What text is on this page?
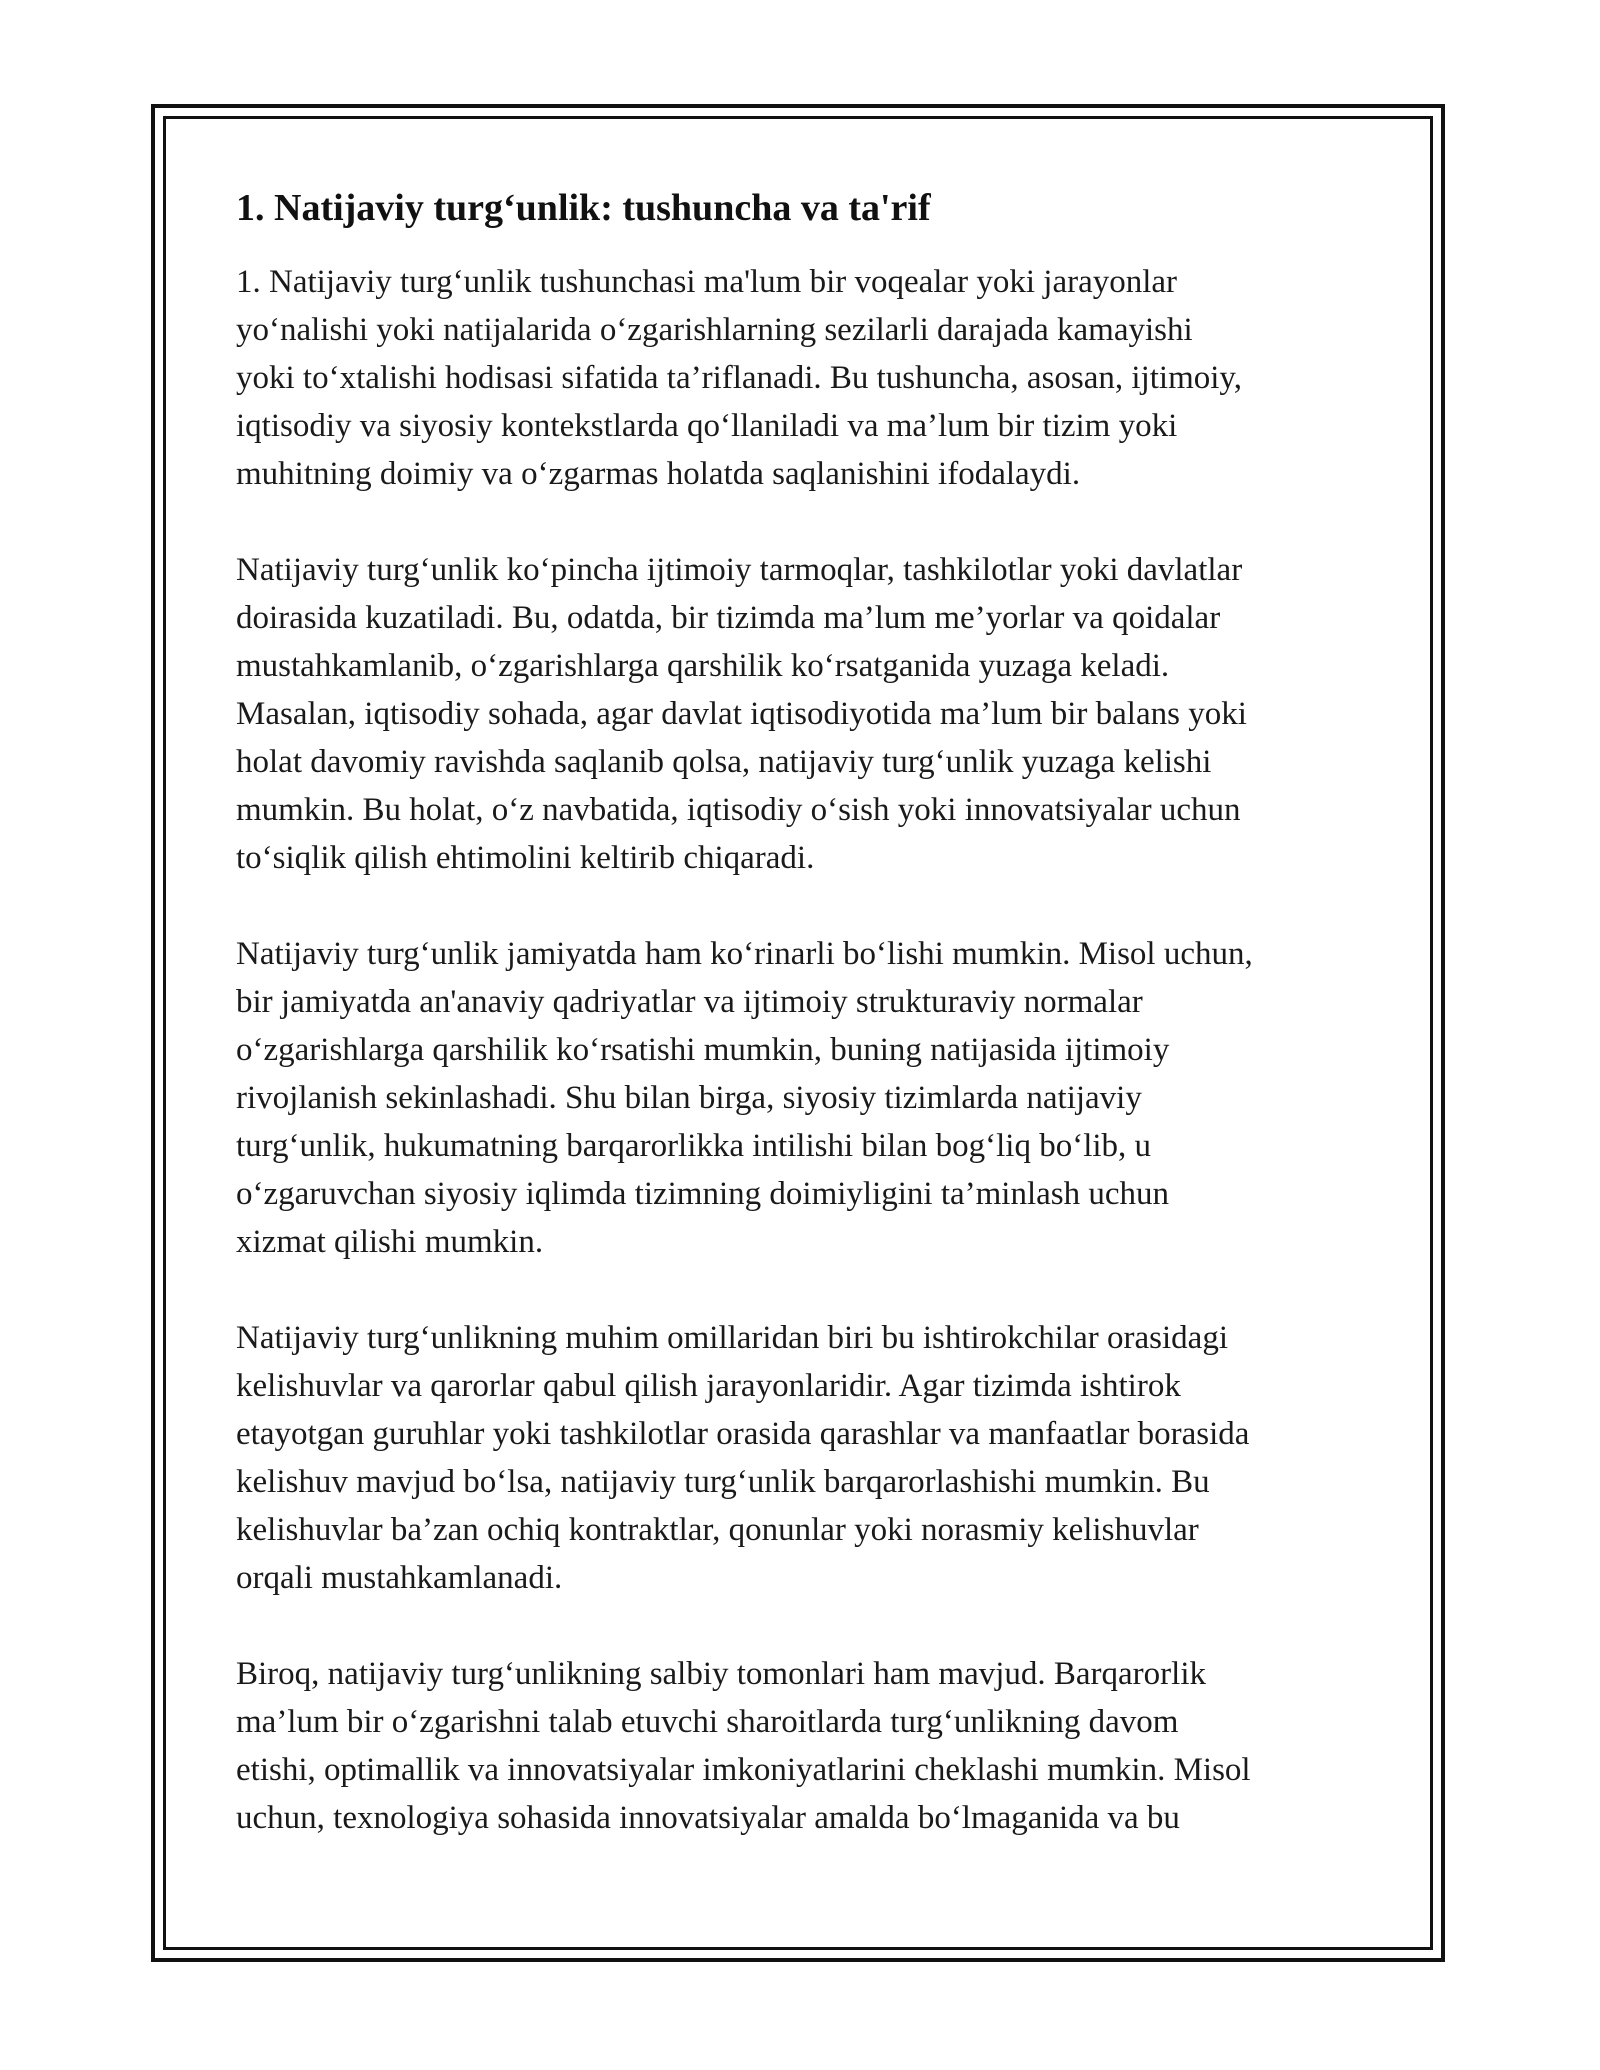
1. Natijaviy turg‘unlik: tushuncha va ta'rif

1. Natijaviy turg‘unlik tushunchasi ma'lum bir voqealar yoki jarayonlar
yo‘nalishi yoki natijalarida o‘zgarishlarning sezilarli darajada kamayishi
yoki to‘xtalishi hodisasi sifatida ta’riflanadi. Bu tushuncha, asosan, ijtimoiy,
iqtisodiy va siyosiy kontekstlarda qo‘llaniladi va ma’lum bir tizim yoki
muhitning doimiy va o‘zgarmas holatda saqlanishini ifodalaydi.

Natijaviy turg‘unlik ko‘pincha ijtimoiy tarmoqlar, tashkilotlar yoki davlatlar
doirasida kuzatiladi. Bu, odatda, bir tizimda ma’lum me’yorlar va qoidalar
mustahkamlanib, o‘zgarishlarga qarshilik ko‘rsatganida yuzaga keladi.
Masalan, iqtisodiy sohada, agar davlat iqtisodiyotida ma’lum bir balans yoki
holat davomiy ravishda saqlanib qolsa, natijaviy turg‘unlik yuzaga kelishi
mumkin. Bu holat, o‘z navbatida, iqtisodiy o‘sish yoki innovatsiyalar uchun
to‘siqlik qilish ehtimolini keltirib chiqaradi.

Natijaviy turg‘unlik jamiyatda ham ko‘rinarli bo‘lishi mumkin. Misol uchun,
bir jamiyatda an'anaviy qadriyatlar va ijtimoiy strukturaviy normalar
o‘zgarishlarga qarshilik ko‘rsatishi mumkin, buning natijasida ijtimoiy
rivojlanish sekinlashadi. Shu bilan birga, siyosiy tizimlarda natijaviy
turg‘unlik, hukumatning barqarorlikka intilishi bilan bog‘liq bo‘lib, u
o‘zgaruvchan siyosiy iqlimda tizimning doimiyligini ta’minlash uchun
xizmat qilishi mumkin.

Natijaviy turg‘unlikning muhim omillaridan biri bu ishtirokchilar orasidagi
kelishuvlar va qarorlar qabul qilish jarayonlaridir. Agar tizimda ishtirok
etayotgan guruhlar yoki tashkilotlar orasida qarashlar va manfaatlar borasida
kelishuv mavjud bo‘lsa, natijaviy turg‘unlik barqarorlashishi mumkin. Bu
kelishuvlar ba’zan ochiq kontraktlar, qonunlar yoki norasmiy kelishuvlar
orqali mustahkamlanadi.

Biroq, natijaviy turg‘unlikning salbiy tomonlari ham mavjud. Barqarorlik
ma’lum bir o‘zgarishni talab etuvchi sharoitlarda turg‘unlikning davom
etishi, optimallik va innovatsiyalar imkoniyatlarini cheklashi mumkin. Misol
uchun, texnologiya sohasida innovatsiyalar amalda bo‘lmaganida va bu
